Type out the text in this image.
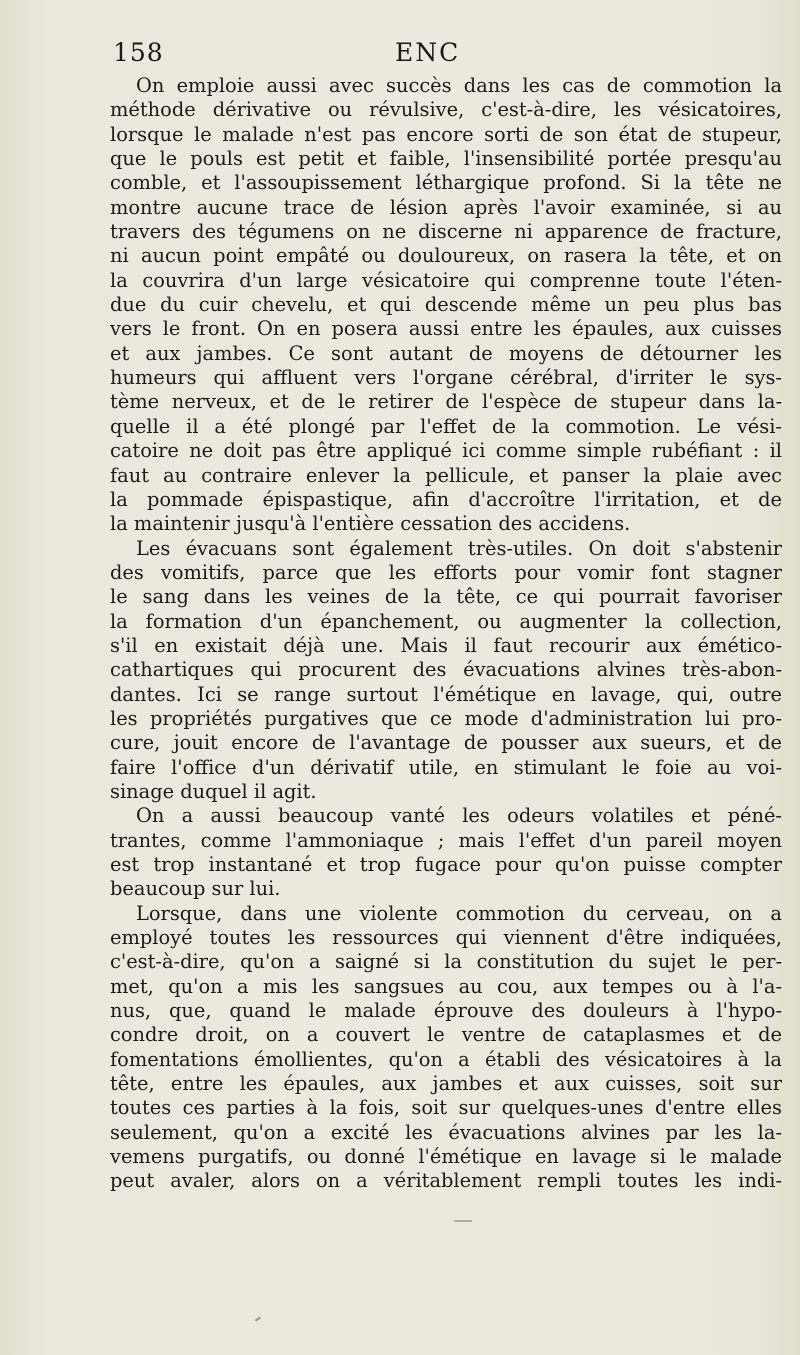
158	ENC
On emploie aussi avec succès dans les cas de commotion la
méthode dérivative ou révulsive, c'est-à-dire, les vésicatoires,
lorsque le malade n'est pas encore sorti de son état de stupeur,
que le pouls est petit et faible, l'insensibilité portée presqu'au
comble, et l'assoupissement léthargique profond. Si la tête ne
montre aucune trace de lésion après l'avoir examinée, si au
travers des tégumens on ne discerne ni apparence de fracture,
ni aucun point empâté ou douloureux, on rasera la tête, et on
la couvrira d'un large vésicatoire qui comprenne toute l'éten-
due du cuir chevelu, et qui descende même un peu plus bas
vers le front. On en posera aussi entre les épaules, aux cuisses
et aux jambes. Ce sont autant de moyens de détourner les
humeurs qui affluent vers l'organe cérébral, d'irriter le sys-
tème nerveux, et de le retirer de l'espèce de stupeur dans la-
quelle il a été plongé par l'effet de la commotion. Le vési-
catoire ne doit pas être appliqué ici comme simple rubéfiant : il
faut au contraire enlever la pellicule, et panser la plaie avec
la pommade épispastique, afin d'accroître l'irritation, et de
la maintenir jusqu'à l'entière cessation des accidens.
Les évacuans sont également très-utiles. On doit s'abstenir
des vomitifs, parce que les efforts pour vomir font stagner
le sang dans les veines de la tête, ce qui pourrait favoriser
la formation d'un épanchement, ou augmenter la collection,
s'il en existait déjà une. Mais il faut recourir aux émético-
cathartiques qui procurent des évacuations alvines très-abon-
dantes. Ici se range surtout l'émétique en lavage, qui, outre
les propriétés purgatives que ce mode d'administration lui pro-
cure, jouit encore de l'avantage de pousser aux sueurs, et de
faire l'office d'un dérivatif utile, en stimulant le foie au voi-
sinage duquel il agit.
On a aussi beaucoup vanté les odeurs volatiles et péné-
trantes, comme l'ammoniaque ; mais l'effet d'un pareil moyen
est trop instantané et trop fugace pour qu'on puisse compter
beaucoup sur lui.
Lorsque, dans une violente commotion du cerveau, on a
employé toutes les ressources qui viennent d'être indiquées,
c'est-à-dire, qu'on a saigné si la constitution du sujet le per-
met, qu'on a mis les sangsues au cou, aux tempes ou à l'a-
nus, que, quand le malade éprouve des douleurs à l'hypo-
condre droit, on a couvert le ventre de cataplasmes et de
fomentations émollientes, qu'on a établi des vésicatoires à la
tête, entre les épaules, aux jambes et aux cuisses, soit sur
toutes ces parties à la fois, soit sur quelques-unes d'entre elles
seulement, qu'on a excité les évacuations alvines par les la-
vemens purgatifs, ou donné l'émétique en lavage si le malade
peut avaler, alors on a véritablement rempli toutes les indi-
